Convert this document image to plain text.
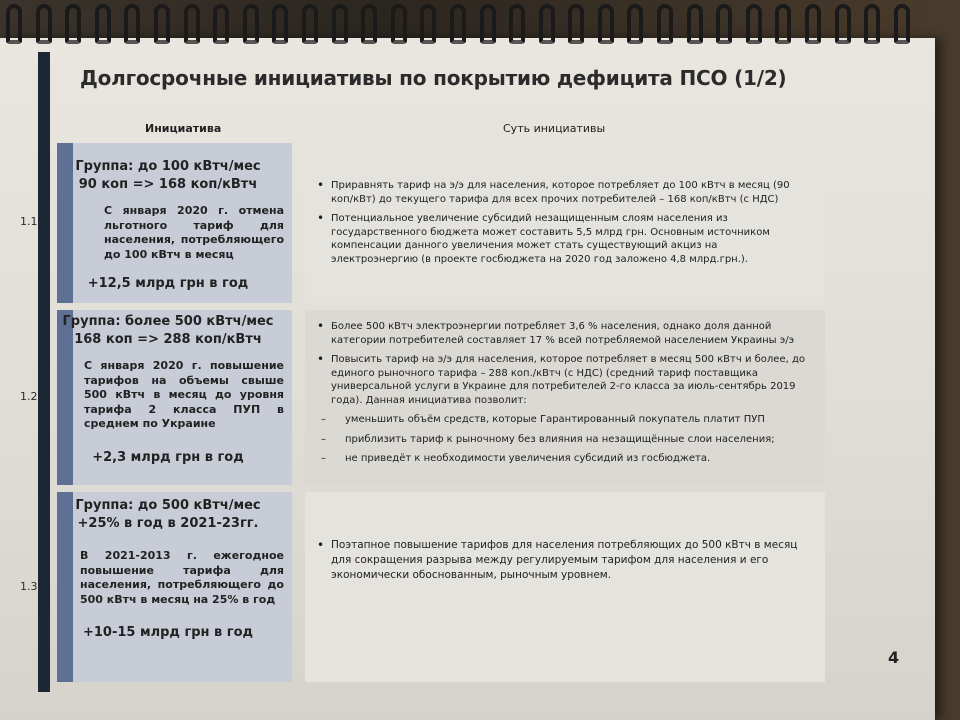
Долгосрочные инициативы по покрытию дефицита ПСО (1/2)
Инициатива	Суть инициативы
1.1.
Группа: до 100 кВтч/мес
90 коп => 168 коп/кВтч
С января 2020 г. отмена льготного тариф для населения, потребляющего до 100 кВтч в месяц
+12,5 млрд грн в год
• Приравнять тариф на э/э для населения, которое потребляет до 100 кВтч в месяц (90 коп/кВт) до текущего тарифа для всех прочих потребителей – 168 коп/кВтч (с НДС)
• Потенциальное увеличение субсидий незащищенным слоям населения из государственного бюджета может составить 5,5 млрд грн. Основным источником компенсации данного увеличения может стать существующий акциз на электроэнергию (в проекте госбюджета на 2020 год заложено 4,8 млрд.грн.).
1.2.
Группа: более 500 кВтч/мес
168 коп => 288 коп/кВтч
С января 2020 г. повышение тарифов на объемы свыше 500 кВтч в месяц до уровня тарифа 2 класса ПУП в среднем по Украине
+2,3 млрд грн в год
• Более 500 кВтч электроэнергии потребляет 3,6 % населения, однако доля данной категории потребителей составляет 17 % всей потребляемой населением Украины э/э
• Повысить тариф на э/э для населения, которое потребляет в месяц 500 кВтч и более, до единого рыночного тарифа – 288 коп./кВтч (с НДС) (средний тариф поставщика универсальной услуги в Украине для потребителей 2-го класса за июль-сентябрь 2019 года). Данная инициатива позволит:
– уменьшить объём средств, которые Гарантированный покупатель платит ПУП
– приблизить тариф к рыночному без влияния на незащищённые слои населения;
– не приведёт к необходимости увеличения субсидий из госбюджета.
1.3.
Группа: до 500 кВтч/мес
+25% в год в 2021-23гг.
В 2021-2013 г. ежегодное повышение тарифа для населения, потребляющего до 500 кВтч в месяц на 25% в год
+10-15 млрд грн в год
• Поэтапное повышение тарифов для населения потребляющих до 500 кВтч в месяц для сокращения разрыва между регулируемым тарифом для населения и его экономически обоснованным, рыночным уровнем.
4
